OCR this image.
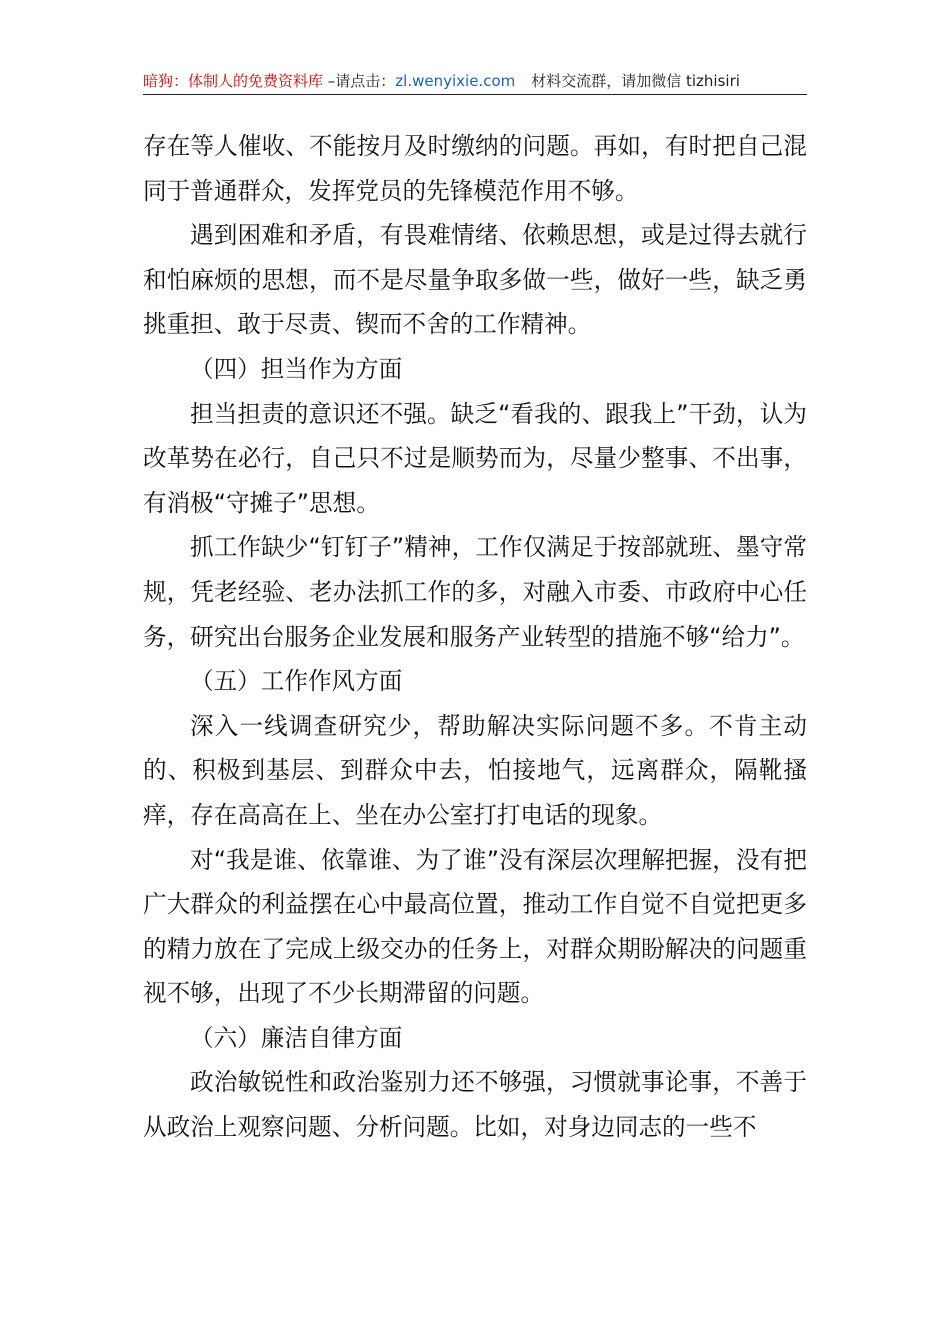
暗狗：体制人的免费资料库 –请点击：zl.wenyixie.com 材料交流群，请加微信 tizhisiri

存在等人催收、不能按月及时缴纳的问题。再如，有时把自己混同于普通群众，发挥党员的先锋模范作用不够。

遇到困难和矛盾，有畏难情绪、依赖思想，或是过得去就行和怕麻烦的思想，而不是尽量争取多做一些，做好一些，缺乏勇挑重担、敢于尽责、锲而不舍的工作精神。

（四）担当作为方面

担当担责的意识还不强。缺乏“看我的、跟我上”干劲，认为改革势在必行，自己只不过是顺势而为，尽量少整事、不出事，有消极“守摊子”思想。

抓工作缺少“钉钉子”精神，工作仅满足于按部就班、墨守常规，凭老经验、老办法抓工作的多，对融入市委、市政府中心任务，研究出台服务企业发展和服务产业转型的措施不够“给力”。

（五）工作作风方面

深入一线调查研究少，帮助解决实际问题不多。不肯主动的、积极到基层、到群众中去，怕接地气，远离群众，隔靴搔痒，存在高高在上、坐在办公室打打电话的现象。

对“我是谁、依靠谁、为了谁”没有深层次理解把握，没有把广大群众的利益摆在心中最高位置，推动工作自觉不自觉把更多的精力放在了完成上级交办的任务上，对群众期盼解决的问题重视不够，出现了不少长期滞留的问题。

（六）廉洁自律方面

政治敏锐性和政治鉴别力还不够强，习惯就事论事，不善于从政治上观察问题、分析问题。比如，对身边同志的一些不
